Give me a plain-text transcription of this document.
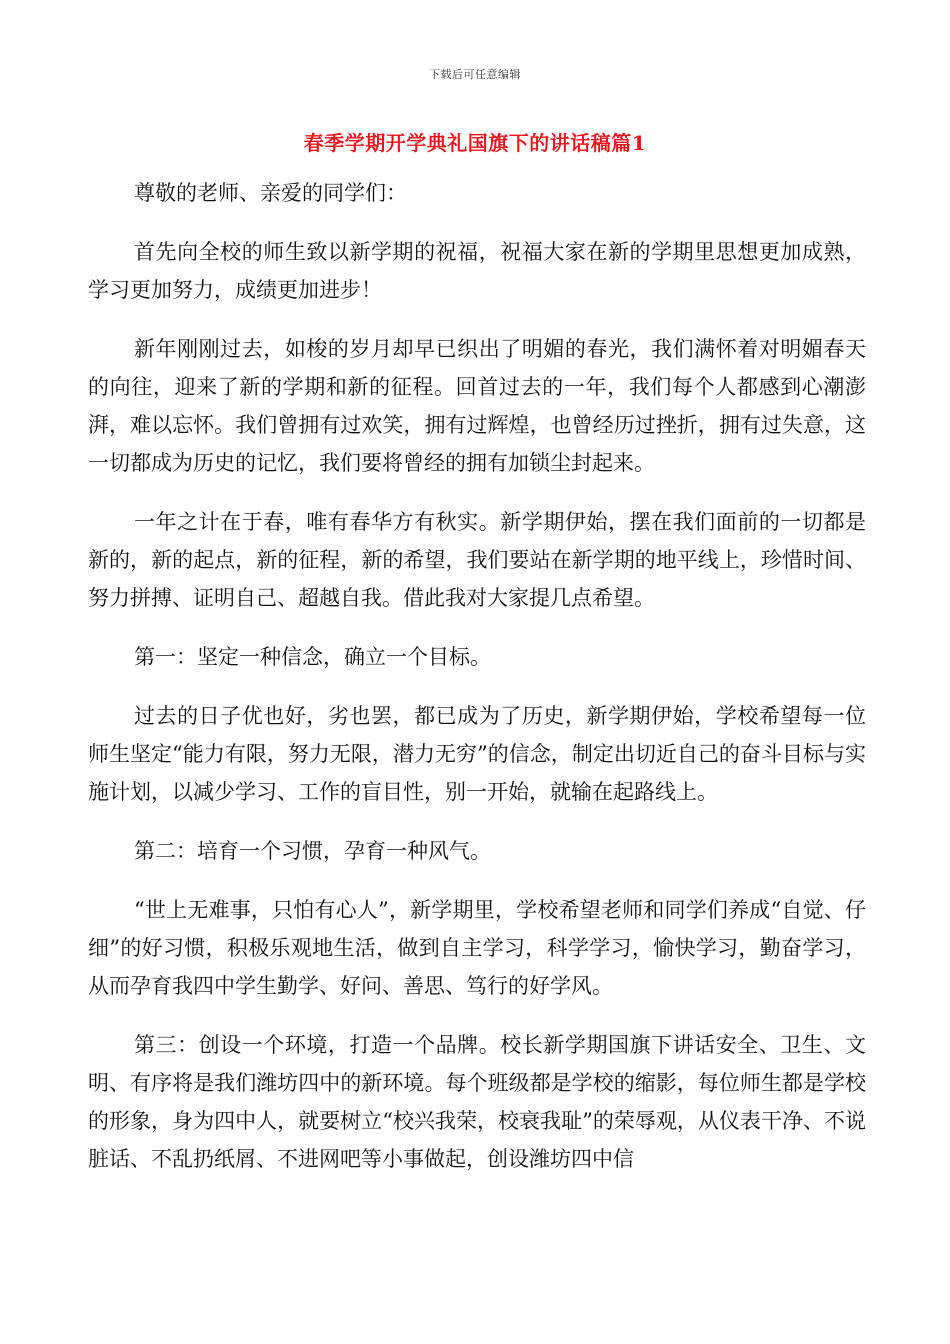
下载后可任意编辑
春季学期开学典礼国旗下的讲话稿篇1

尊敬的老师、亲爱的同学们：

首先向全校的师生致以新学期的祝福，祝福大家在新的学期里思想更加成熟，学习更加努力，成绩更加进步！

新年刚刚过去，如梭的岁月却早已织出了明媚的春光，我们满怀着对明媚春天的向往，迎来了新的学期和新的征程。回首过去的一年，我们每个人都感到心潮澎湃，难以忘怀。我们曾拥有过欢笑，拥有过辉煌，也曾经历过挫折，拥有过失意，这一切都成为历史的记忆，我们要将曾经的拥有加锁尘封起来。

一年之计在于春，唯有春华方有秋实。新学期伊始，摆在我们面前的一切都是新的，新的起点，新的征程，新的希望，我们要站在新学期的地平线上，珍惜时间、努力拼搏、证明自己、超越自我。借此我对大家提几点希望。

第一：坚定一种信念，确立一个目标。

过去的日子优也好，劣也罢，都已成为了历史，新学期伊始，学校希望每一位师生坚定“能力有限，努力无限，潜力无穷”的信念，制定出切近自己的奋斗目标与实施计划，以减少学习、工作的盲目性，别一开始，就输在起路线上。

第二：培育一个习惯，孕育一种风气。

“世上无难事，只怕有心人”，新学期里，学校希望老师和同学们养成“自觉、仔细”的好习惯，积极乐观地生活，做到自主学习，科学学习，愉快学习，勤奋学习，从而孕育我四中学生勤学、好问、善思、笃行的好学风。

第三：创设一个环境，打造一个品牌。校长新学期国旗下讲话安全、卫生、文明、有序将是我们潍坊四中的新环境。每个班级都是学校的缩影，每位师生都是学校的形象，身为四中人，就要树立“校兴我荣，校衰我耻”的荣辱观，从仪表干净、不说脏话、不乱扔纸屑、不进网吧等小事做起，创设潍坊四中信
